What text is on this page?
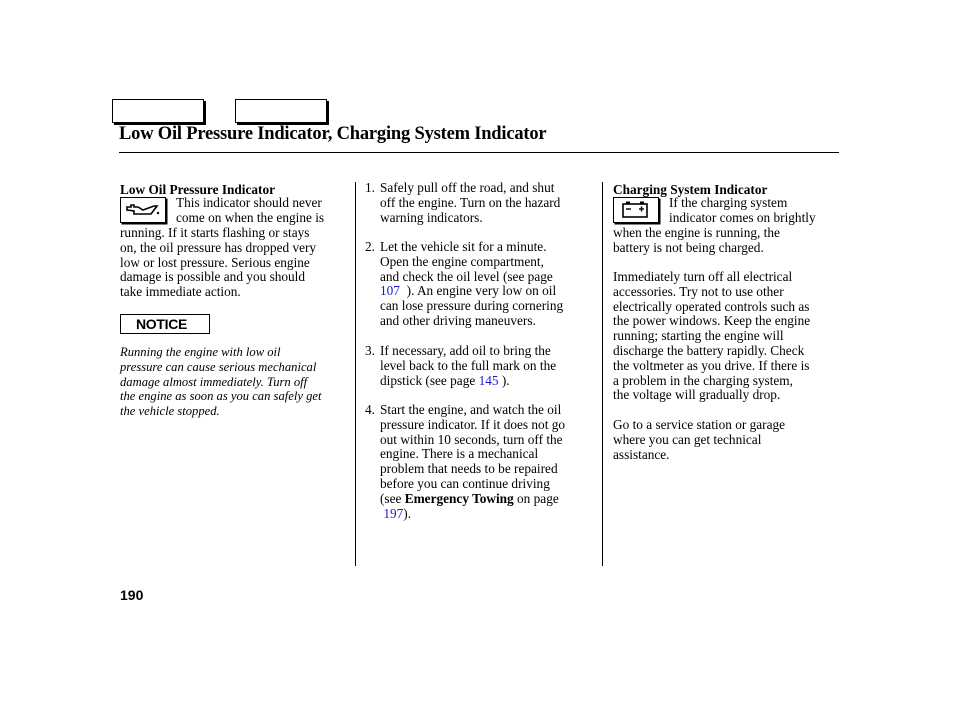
Low Oil Pressure Indicator, Charging System Indicator
Low Oil Pressure Indicator

This indicator should never

come on when the engine is

running. If it starts flashing or stays

on, the oil pressure has dropped very

low or lost pressure. Serious engine

damage is possible and you should

take immediate action.

NOTICE

Running the engine with low oil

pressure can cause serious mechanical

damage almost immediately. Turn off

the engine as soon as you can safely get

the vehicle stopped.

1. Safely pull off the road, and shut

off the engine. Turn on the hazard

warning indicators.

2. Let the vehicle sit for a minute.

Open the engine compartment,

and check the oil level (see page

107 ). An engine very low on oil

can lose pressure during cornering

and other driving maneuvers.

3. If necessary, add oil to bring the

level back to the full mark on the

dipstick (see page 145 ).

4. Start the engine, and watch the oil

pressure indicator. If it does not go

out within 10 seconds, turn off the

engine. There is a mechanical

problem that needs to be repaired

before you can continue driving

(see Emergency Towing on page

197).

Charging System Indicator

If the charging system

indicator comes on brightly

when the engine is running, the

battery is not being charged.

Immediately turn off all electrical

accessories. Try not to use other

electrically operated controls such as

the power windows. Keep the engine

running; starting the engine will

discharge the battery rapidly. Check

the voltmeter as you drive. If there is

a problem in the charging system,

the voltage will gradually drop.

Go to a service station or garage

where you can get technical

assistance.

190
